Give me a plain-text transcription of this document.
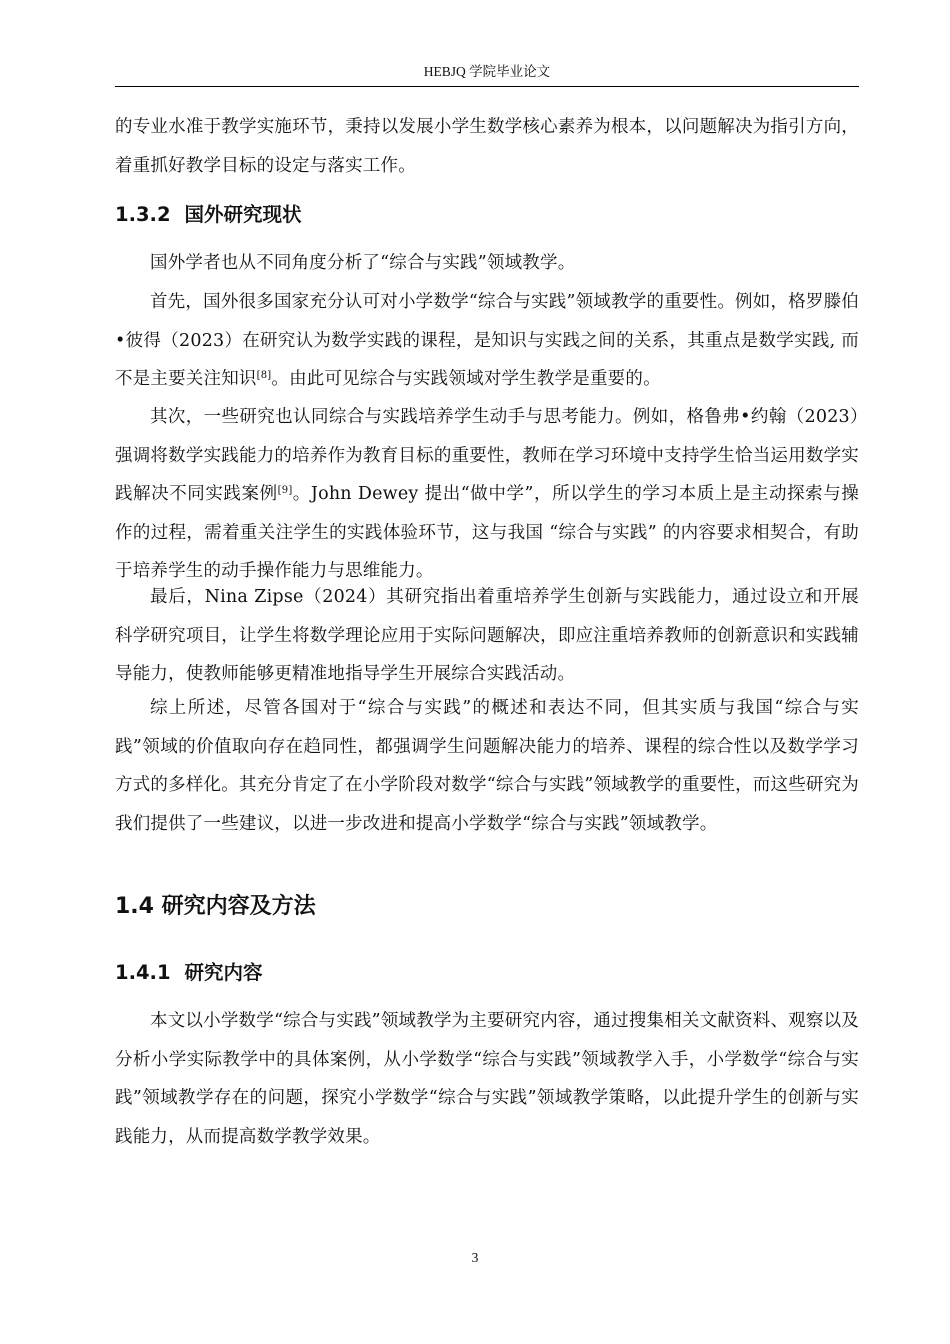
HEBJQ 学院毕业论文

的专业水准于教学实施环节，秉持以发展小学生数学核心素养为根本，以问题解决为指引方向，着重抓好教学目标的设定与落实工作。

1.3.2 国外研究现状

国外学者也从不同角度分析了“综合与实践”领域教学。

首先，国外很多国家充分认可对小学数学“综合与实践”领域教学的重要性。例如，格罗滕伯•彼得（2023）在研究认为数学实践的课程，是知识与实践之间的关系，其重点是数学实践, 而不是主要关注知识[8]。由此可见综合与实践领域对学生教学是重要的。

其次，一些研究也认同综合与实践培养学生动手与思考能力。例如，格鲁弗•约翰（2023）强调将数学实践能力的培养作为教育目标的重要性，教师在学习环境中支持学生恰当运用数学实践解决不同实践案例[9]。John Dewey 提出“做中学”，所以学生的学习本质上是主动探索与操作的过程，需着重关注学生的实践体验环节，这与我国 “综合与实践” 的内容要求相契合，有助于培养学生的动手操作能力与思维能力。

最后，Nina Zipse（2024）其研究指出着重培养学生创新与实践能力，通过设立和开展科学研究项目，让学生将数学理论应用于实际问题解决，即应注重培养教师的创新意识和实践辅导能力，使教师能够更精准地指导学生开展综合实践活动。

综上所述，尽管各国对于“综合与实践”的概述和表达不同，但其实质与我国“综合与实践”领域的价值取向存在趋同性，都强调学生问题解决能力的培养、课程的综合性以及数学学习方式的多样化。其充分肯定了在小学阶段对数学“综合与实践”领域教学的重要性，而这些研究为我们提供了一些建议，以进一步改进和提高小学数学“综合与实践”领域教学。

1.4 研究内容及方法
1.4.1 研究内容

本文以小学数学“综合与实践”领域教学为主要研究内容，通过搜集相关文献资料、观察以及分析小学实际教学中的具体案例，从小学数学“综合与实践”领域教学入手，小学数学“综合与实践”领域教学存在的问题，探究小学数学“综合与实践”领域教学策略，以此提升学生的创新与实践能力，从而提高数学教学效果。

3
